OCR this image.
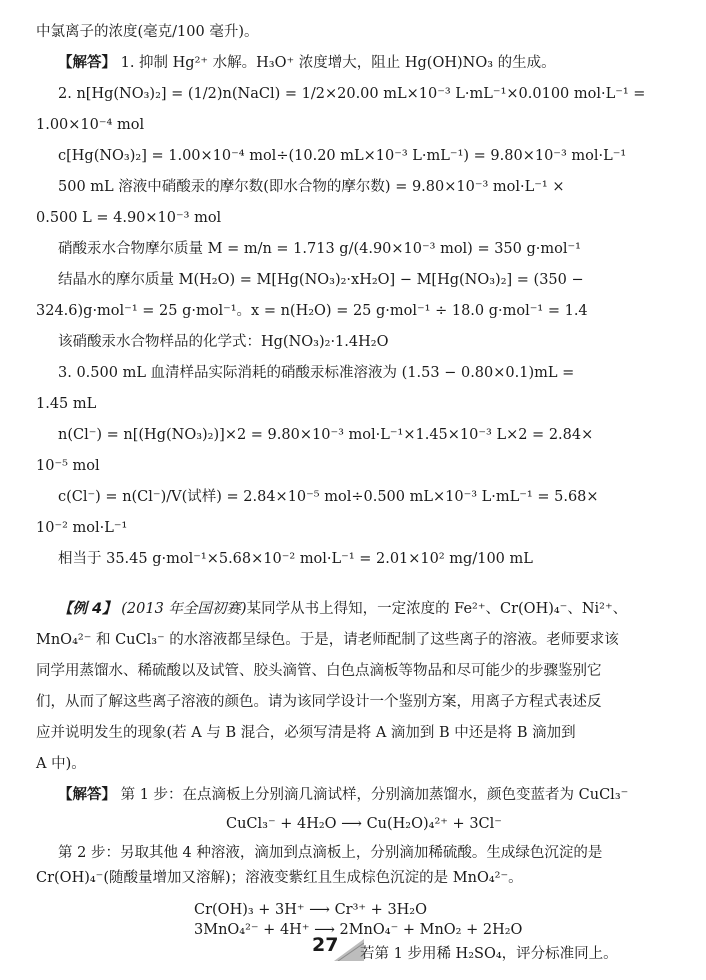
中氯离子的浓度(毫克/100 毫升)。
【解答】 1. 抑制 Hg²⁺ 水解。H₃O⁺ 浓度增大，阻止 Hg(OH)NO₃ 的生成。
2. n[Hg(NO₃)₂] = (1/2)n(NaCl) = 1/2×20.00 mL×10⁻³ L·mL⁻¹×0.0100 mol·L⁻¹ =
1.00×10⁻⁴ mol
c[Hg(NO₃)₂] = 1.00×10⁻⁴ mol÷(10.20 mL×10⁻³ L·mL⁻¹) = 9.80×10⁻³ mol·L⁻¹
500 mL 溶液中硝酸汞的摩尔数(即水合物的摩尔数) = 9.80×10⁻³ mol·L⁻¹ ×
0.500 L = 4.90×10⁻³ mol
硝酸汞水合物摩尔质量 M = m/n = 1.713 g/(4.90×10⁻³ mol) = 350 g·mol⁻¹
结晶水的摩尔质量 M(H₂O) = M[Hg(NO₃)₂·xH₂O] − M[Hg(NO₃)₂] = (350 −
324.6)g·mol⁻¹ = 25 g·mol⁻¹。x = n(H₂O) = 25 g·mol⁻¹ ÷ 18.0 g·mol⁻¹ = 1.4
该硝酸汞水合物样品的化学式：Hg(NO₃)₂·1.4H₂O
3. 0.500 mL 血清样品实际消耗的硝酸汞标准溶液为 (1.53 − 0.80×0.1)mL =
1.45 mL
n(Cl⁻) = n[(Hg(NO₃)₂)]×2 = 9.80×10⁻³ mol·L⁻¹×1.45×10⁻³ L×2 = 2.84×
10⁻⁵ mol
c(Cl⁻) = n(Cl⁻)/V(试样) = 2.84×10⁻⁵ mol÷0.500 mL×10⁻³ L·mL⁻¹ = 5.68×
10⁻² mol·L⁻¹
相当于 35.45 g·mol⁻¹×5.68×10⁻² mol·L⁻¹ = 2.01×10² mg/100 mL
【例 4】 (2013 年全国初赛)某同学从书上得知，一定浓度的 Fe²⁺、Cr(OH)₄⁻、Ni²⁺、
MnO₄²⁻ 和 CuCl₃⁻ 的水溶液都呈绿色。于是，请老师配制了这些离子的溶液。老师要求该
同学用蒸馏水、稀硫酸以及试管、胶头滴管、白色点滴板等物品和尽可能少的步骤鉴别它
们，从而了解这些离子溶液的颜色。请为该同学设计一个鉴别方案，用离子方程式表述反
应并说明发生的现象(若 A 与 B 混合，必须写清是将 A 滴加到 B 中还是将 B 滴加到
A 中)。
【解答】 第 1 步：在点滴板上分别滴几滴试样，分别滴加蒸馏水，颜色变蓝者为 CuCl₃⁻
CuCl₃⁻ + 4H₂O ⟶ Cu(H₂O)₄²⁺ + 3Cl⁻
第 2 步：另取其他 4 种溶液，滴加到点滴板上，分别滴加稀硫酸。生成绿色沉淀的是
Cr(OH)₄⁻(随酸量增加又溶解)；溶液变紫红且生成棕色沉淀的是 MnO₄²⁻。
27
Cr(OH)₃ + 3H⁺ ⟶ Cr³⁺ + 3H₂O
3MnO₄²⁻ + 4H⁺ ⟶ 2MnO₄⁻ + MnO₂ + 2H₂O
若第 1 步用稀 H₂SO₄，评分标准同上。
